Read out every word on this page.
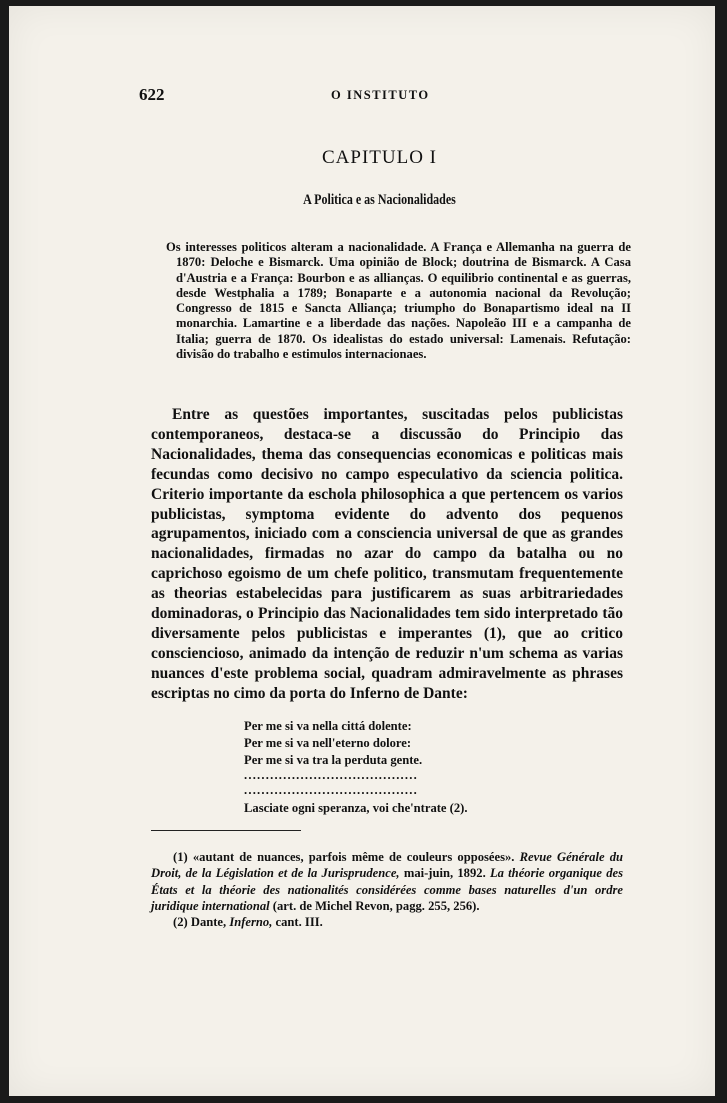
622	O INSTITUTO
CAPITULO I
A Politica e as Nacionalidades
Os interesses politicos alteram a nacionalidade. A França e Allemanha na guerra de 1870: Deloche e Bismarck. Uma opinião de Block; doutrina de Bismarck. A Casa d'Austria e a França: Bourbon e as allianças. O equilibrio continental e as guerras, desde Westphalia a 1789; Bonaparte e a autonomia nacional da Revolução; Congresso de 1815 e Sancta Alliança; triumpho do Bonapartismo ideal na II monarchia. Lamartine e a liberdade das nações. Napoleão III e a campanha de Italia; guerra de 1870. Os idealistas do estado universal: Lamenais. Refutação: divisão do trabalho e estimulos internacionaes.
Entre as questões importantes, suscitadas pelos publicistas contemporaneos, destaca-se a discussão do Principio das Nacionalidades, thema das consequencias economicas e politicas mais fecundas como decisivo no campo especulativo da sciencia politica. Criterio importante da eschola philosophica a que pertencem os varios publicistas, symptoma evidente do advento dos pequenos agrupamentos, iniciado com a consciencia universal de que as grandes nacionalidades, firmadas no azar do campo da batalha ou no caprichoso egoismo de um chefe politico, transmutam frequentemente as theorias estabelecidas para justificarem as suas arbitrariedades dominadoras, o Principio das Nacionalidades tem sido interpretado tão diversamente pelos publicistas e imperantes (1), que ao critico consciencioso, animado da intenção de reduzir n'um schema as varias nuances d'este problema social, quadram admiravelmente as phrases escriptas no cimo da porta do Inferno de Dante:
Per me si va nella cittá dolente:
Per me si va nell'eterno dolore:
Per me si va tra la perduta gente.
........................................
........................................
Lasciate ogni speranza, voi che'ntrate (2).

(1) «autant de nuances, parfois même de couleurs opposées». Revue Générale du Droit, de la Législation et de la Jurisprudence, mai-juin, 1892. La théorie organique des États et la théorie des nationalités considérées comme bases naturelles d'un ordre juridique international (art. de Michel Revon, pagg. 255, 256).

(2) Dante, Inferno, cant. III.
